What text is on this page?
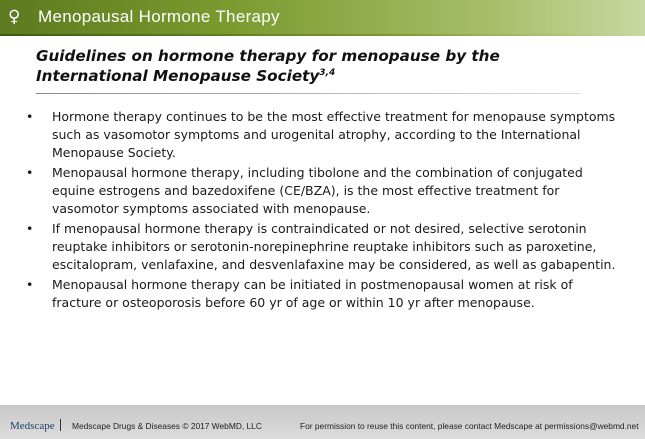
♀	Menopausal Hormone Therapy
Guidelines on hormone therapy for menopause by the International Menopause Society$^{3,4}$
•	Hormone therapy continues to be the most effective treatment for menopause symptoms such as vasomotor symptoms and urogenital atrophy, according to the International Menopause Society.
•	Menopausal hormone therapy, including tibolone and the combination of conjugated equine estrogens and bazedoxifene (CE/BZA), is the most effective treatment for vasomotor symptoms associated with menopause.
•	If menopausal hormone therapy is contraindicated or not desired, selective serotonin reuptake inhibitors or serotonin-norepinephrine reuptake inhibitors such as paroxetine, escitalopram, venlafaxine, and desvenlafaxine may be considered, as well as gabapentin.
•	Menopausal hormone therapy can be initiated in postmenopausal women at risk of fracture or osteoporosis before 60 yr of age or within 10 yr after menopause.
Medscape Medscape Drugs & Diseases © 2017 WebMD, LLC	For permission to reuse this content, please contact Medscape at permissions@webmd.net
